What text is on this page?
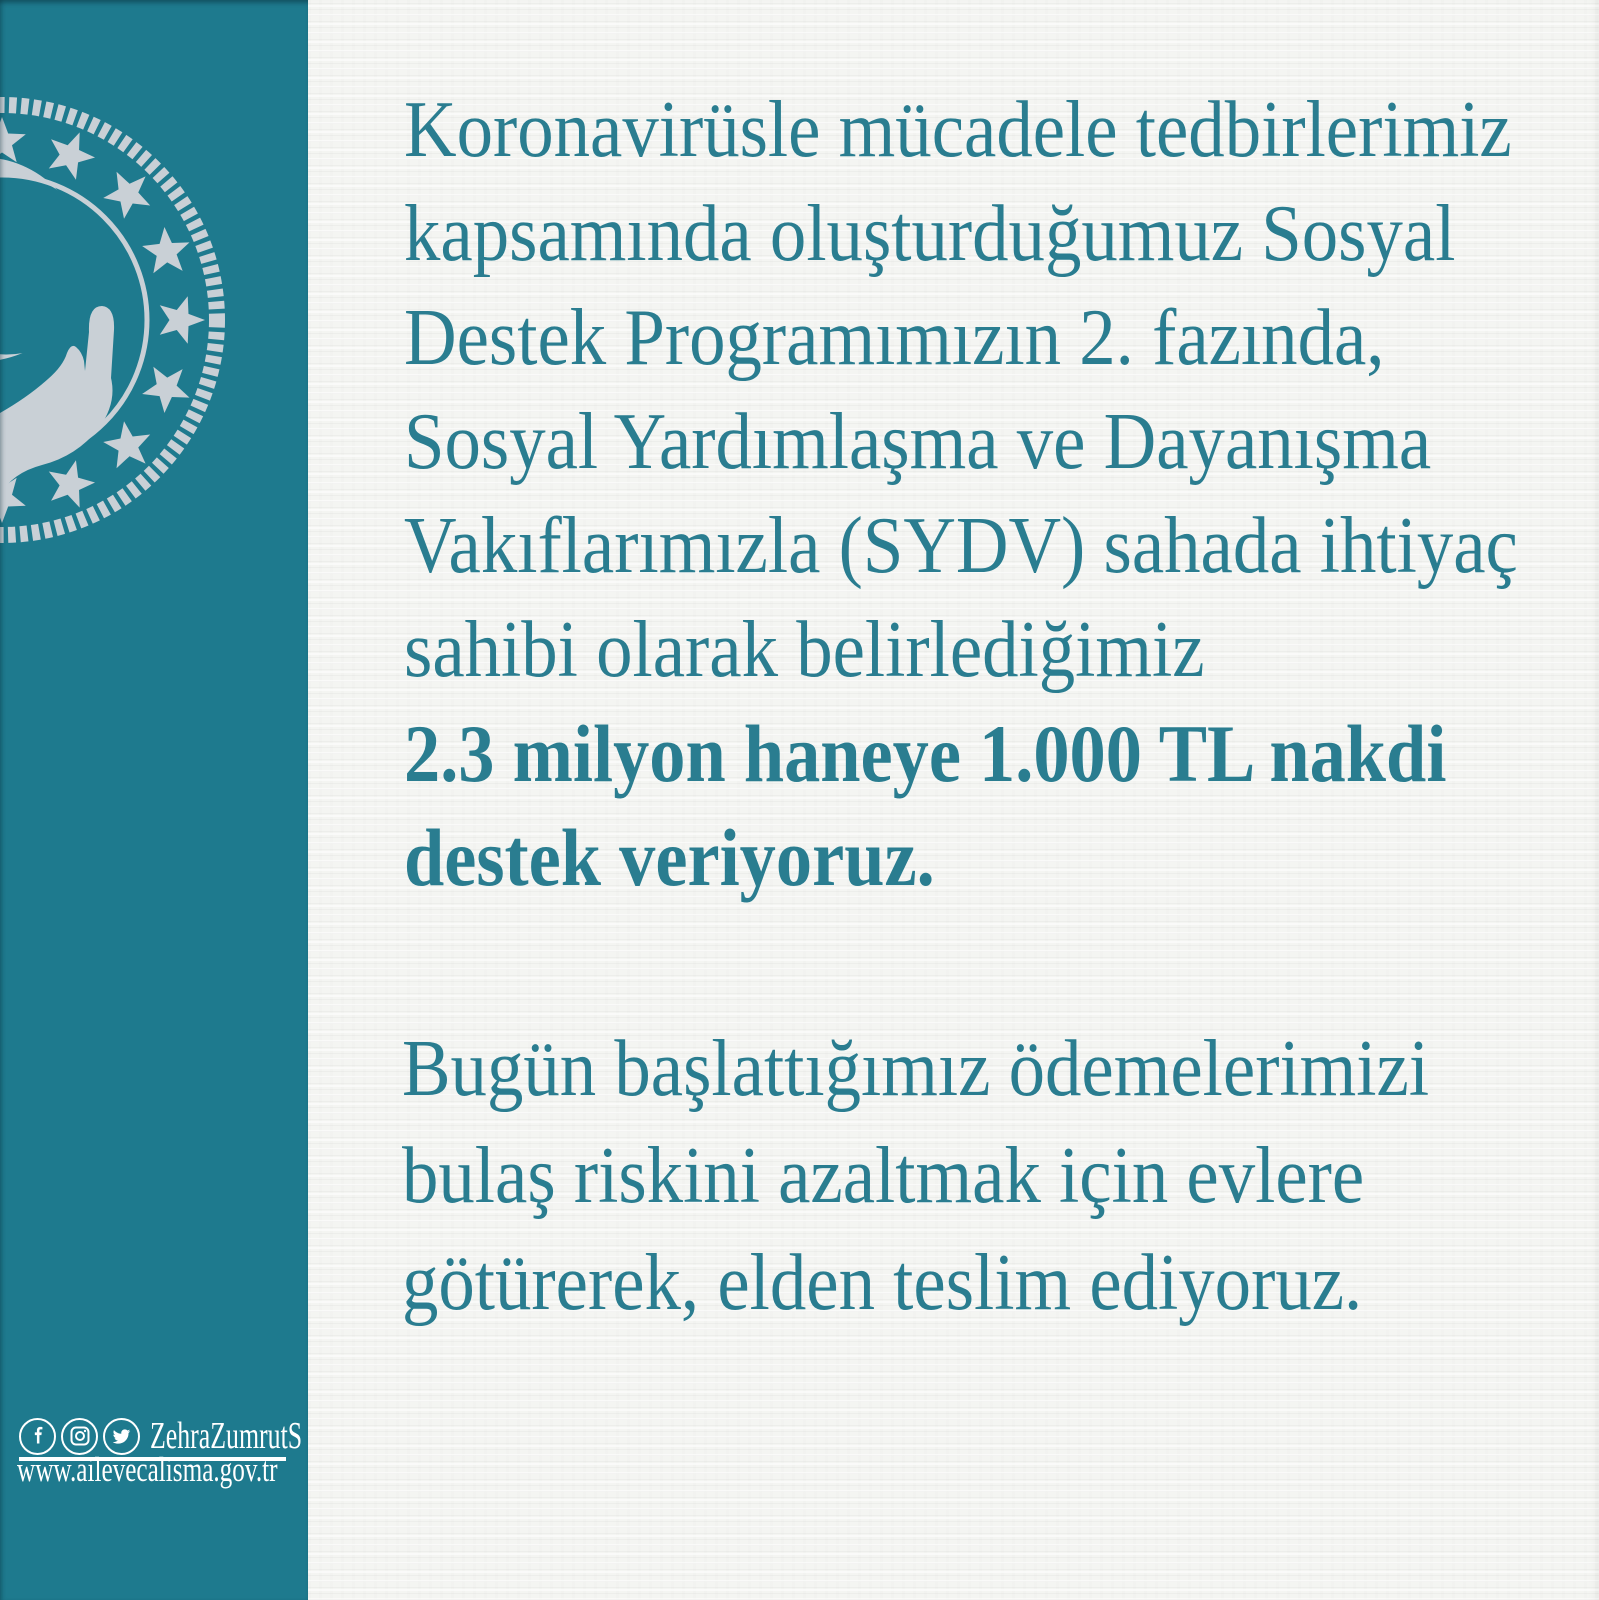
ZehraZumrutS
www.ailevecalisma.gov.tr
Koronavirüsle mücadele tedbirlerimiz
kapsamında oluşturduğumuz Sosyal
Destek Programımızın 2. fazında,
Sosyal Yardımlaşma ve Dayanışma
Vakıflarımızla (SYDV) sahada ihtiyaç
sahibi olarak belirlediğimiz
2.3 milyon haneye 1.000 TL nakdi
destek veriyoruz.
Bugün başlattığımız ödemelerimizi
bulaş riskini azaltmak için evlere
götürerek, elden teslim ediyoruz.
